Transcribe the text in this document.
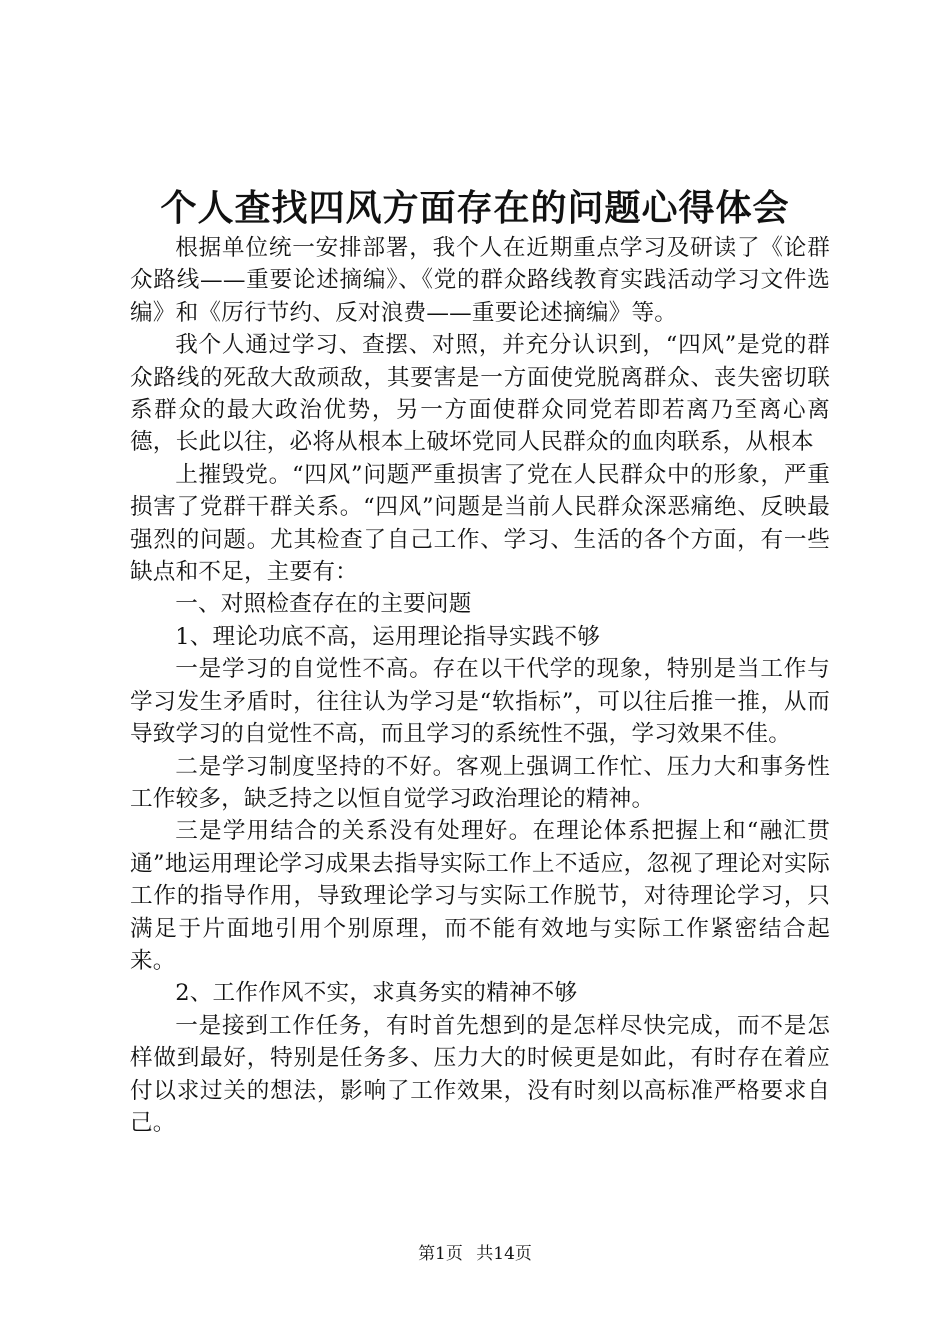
个人查找四风方面存在的问题心得体会

根据单位统一安排部署，我个人在近期重点学习及研读了《论群众路线——重要论述摘编》、《党的群众路线教育实践活动学习文件选编》和《厉行节约、反对浪费——重要论述摘编》等。

我个人通过学习、查摆、对照，并充分认识到，“四风”是党的群众路线的死敌大敌顽敌，其要害是一方面使党脱离群众、丧失密切联系群众的最大政治优势，另一方面使群众同党若即若离乃至离心离德，长此以往，必将从根本上破坏党同人民群众的血肉联系，从根本

上摧毁党。“四风”问题严重损害了党在人民群众中的形象，严重损害了党群干群关系。“四风”问题是当前人民群众深恶痛绝、反映最强烈的问题。尤其检查了自己工作、学习、生活的各个方面，有一些缺点和不足，主要有：

一、对照检查存在的主要问题

1、理论功底不高，运用理论指导实践不够

一是学习的自觉性不高。存在以干代学的现象，特别是当工作与学习发生矛盾时，往往认为学习是“软指标”，可以往后推一推，从而导致学习的自觉性不高，而且学习的系统性不强，学习效果不佳。

二是学习制度坚持的不好。客观上强调工作忙、压力大和事务性工作较多，缺乏持之以恒自觉学习政治理论的精神。

三是学用结合的关系没有处理好。在理论体系把握上和“融汇贯通”地运用理论学习成果去指导实际工作上不适应，忽视了理论对实际工作的指导作用，导致理论学习与实际工作脱节，对待理论学习，只满足于片面地引用个别原理，而不能有效地与实际工作紧密结合起来。

2、工作作风不实，求真务实的精神不够

一是接到工作任务，有时首先想到的是怎样尽快完成，而不是怎样做到最好，特别是任务多、压力大的时候更是如此，有时存在着应付以求过关的想法，影响了工作效果，没有时刻以高标准严格要求自己。

第1页 共14页
